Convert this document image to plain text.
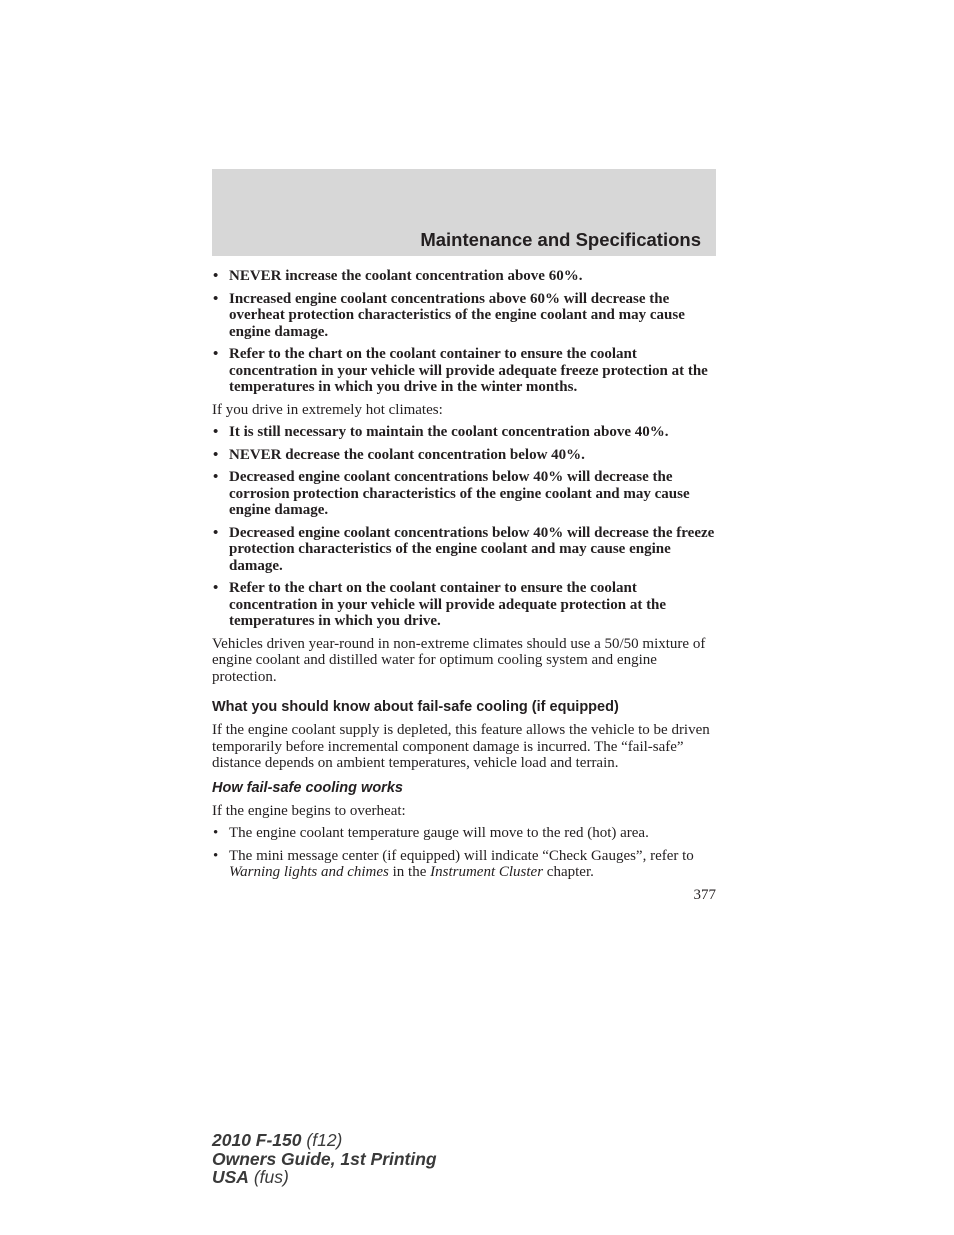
Maintenance and Specifications
• NEVER increase the coolant concentration above 60%.
• Increased engine coolant concentrations above 60% will decrease the overheat protection characteristics of the engine coolant and may cause engine damage.
• Refer to the chart on the coolant container to ensure the coolant concentration in your vehicle will provide adequate freeze protection at the temperatures in which you drive in the winter months.

If you drive in extremely hot climates:

• It is still necessary to maintain the coolant concentration above 40%.
• NEVER decrease the coolant concentration below 40%.
• Decreased engine coolant concentrations below 40% will decrease the corrosion protection characteristics of the engine coolant and may cause engine damage.
• Decreased engine coolant concentrations below 40% will decrease the freeze protection characteristics of the engine coolant and may cause engine damage.
• Refer to the chart on the coolant container to ensure the coolant concentration in your vehicle will provide adequate protection at the temperatures in which you drive.

Vehicles driven year-round in non-extreme climates should use a 50/50 mixture of engine coolant and distilled water for optimum cooling system and engine protection.

What you should know about fail-safe cooling (if equipped)

If the engine coolant supply is depleted, this feature allows the vehicle to be driven temporarily before incremental component damage is incurred. The “fail-safe” distance depends on ambient temperatures, vehicle load and terrain.

How fail-safe cooling works

If the engine begins to overheat:

• The engine coolant temperature gauge will move to the red (hot) area.
• The mini message center (if equipped) will indicate “Check Gauges”, refer to Warning lights and chimes in the Instrument Cluster chapter.
377
2010 F-150 (f12)
Owners Guide, 1st Printing
USA (fus)
